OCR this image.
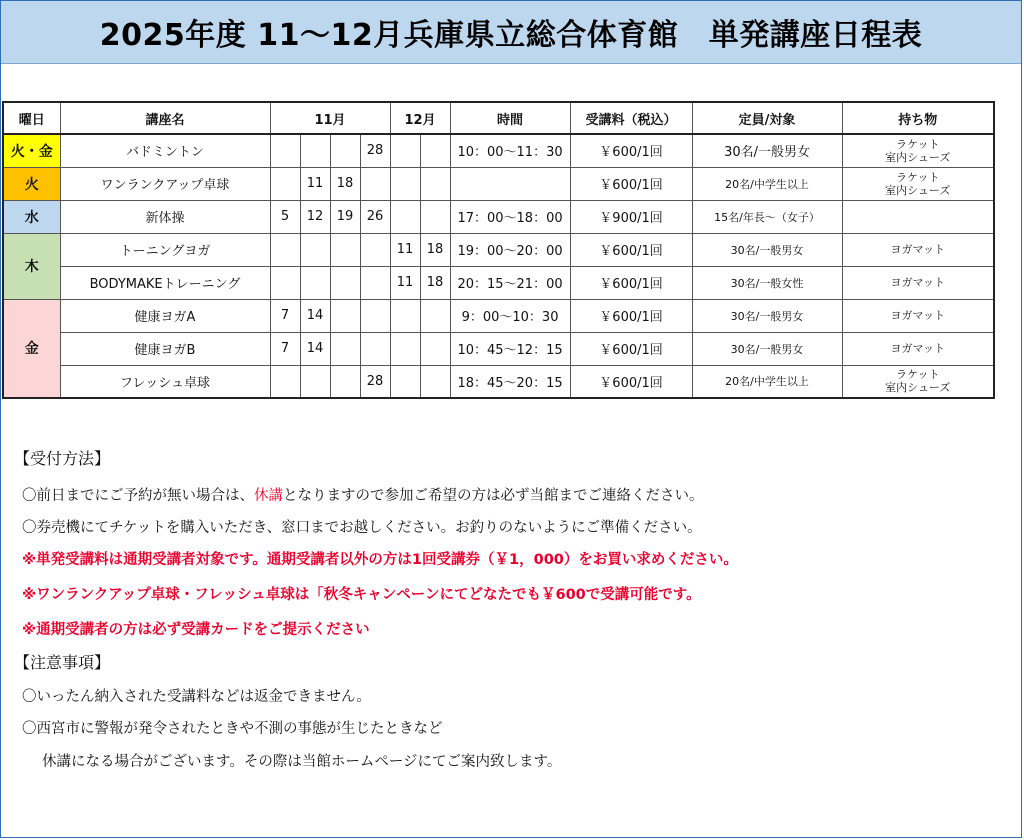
2025年度 11～12月兵庫県立総合体育館　単発講座日程表
曜日	講座名	11月				12月		時間	受講料（税込）	定員/対象	持ち物
火・金	バドミントン				28			10：00～11：30	￥600/1回	30名/一般男女	ラケット
室内シューズ

火	ワンランクアップ卓球		11	18					￥600/1回	20名/中学生以上	ラケット
室内シューズ

水	新体操	5	12	19	26			17：00～18：00	￥900/1回	15名/年長～（女子）	

木	トーニングヨガ					11	18	19：00～20：00	￥600/1回	30名/一般男女	ヨガマット

	BODYMAKEトレーニング					11	18	20：15～21：00	￥600/1回	30名/一般女性	ヨガマット

金	健康ヨガA	7	14					9：00～10：30	￥600/1回	30名/一般男女	ヨガマット

	健康ヨガB	7	14					10：45～12：15	￥600/1回	30名/一般男女	ヨガマット

	フレッシュ卓球				28			18：45～20：15	￥600/1回	20名/中学生以上	ラケット
室内シューズ
【受付方法】
〇前日までにご予約が無い場合は、休講となりますので参加ご希望の方は必ず当館までご連絡ください。
〇券売機にてチケットを購入いただき、窓口までお越しください。お釣りのないようにご準備ください。
※単発受講料は通期受講者対象です。通期受講者以外の方は1回受講券（￥1，000）をお買い求めください。
※ワンランクアップ卓球・フレッシュ卓球は「秋冬キャンペーンにてどなたでも￥600で受講可能です。
※通期受講者の方は必ず受講カードをご提示ください
【注意事項】
〇いったん納入された受講料などは返金できません。
〇西宮市に警報が発令されたときや不測の事態が生じたときなど
休講になる場合がございます。その際は当館ホームページにてご案内致します。
